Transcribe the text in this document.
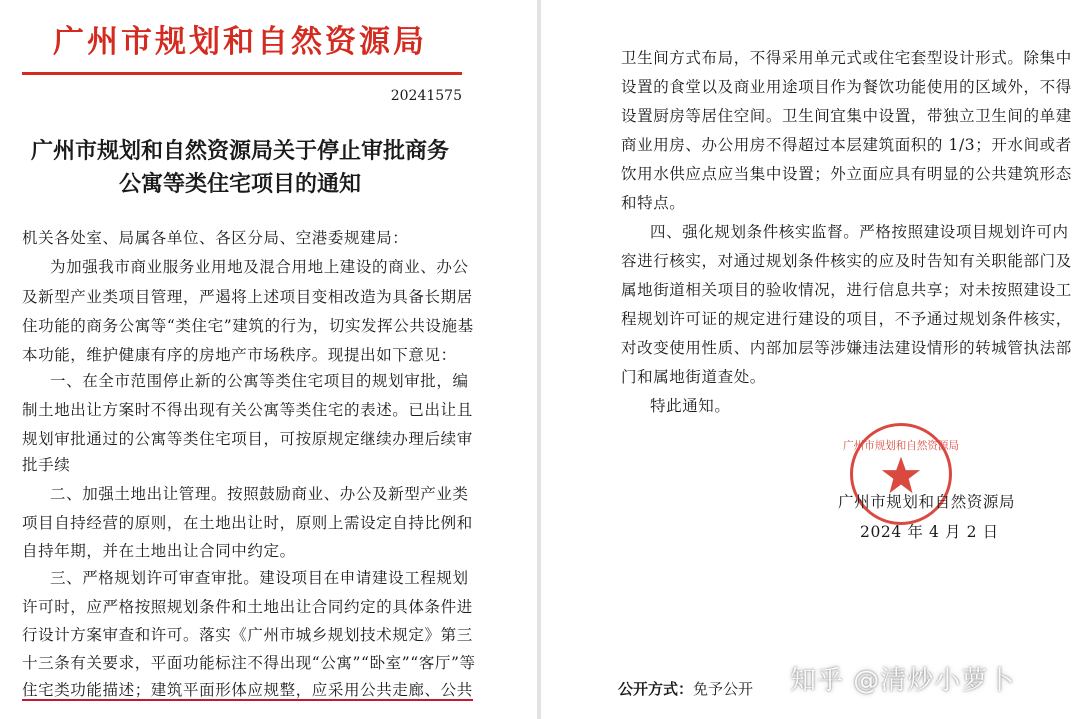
广州市规划和自然资源局
20241575
广州市规划和自然资源局关于停止审批商务
公寓等类住宅项目的通知
机关各处室、局属各单位、各区分局、空港委规建局：
为加强我市商业服务业用地及混合用地上建设的商业、办公
及新型产业类项目管理，严遏将上述项目变相改造为具备长期居
住功能的商务公寓等“类住宅”建筑的行为，切实发挥公共设施基
本功能，维护健康有序的房地产市场秩序。现提出如下意见：
一、在全市范围停止新的公寓等类住宅项目的规划审批，编
制土地出让方案时不得出现有关公寓等类住宅的表述。已出让且
规划审批通过的公寓等类住宅项目，可按原规定继续办理后续审
批手续
二、加强土地出让管理。按照鼓励商业、办公及新型产业类
项目自持经营的原则，在土地出让时，原则上需设定自持比例和
自持年期，并在土地出让合同中约定。
三、严格规划许可审查审批。建设项目在申请建设工程规划
许可时，应严格按照规划条件和土地出让合同约定的具体条件进
行设计方案审查和许可。落实《广州市城乡规划技术规定》第三
十三条有关要求，平面功能标注不得出现“公寓”“卧室”“客厅”等
住宅类功能描述；建筑平面形体应规整，应采用公共走廊、公共
卫生间方式布局，不得采用单元式或住宅套型设计形式。除集中
设置的食堂以及商业用途项目作为餐饮功能使用的区域外，不得
设置厨房等居住空间。卫生间宜集中设置，带独立卫生间的单建
商业用房、办公用房不得超过本层建筑面积的 1/3；开水间或者
饮用水供应点应当集中设置；外立面应具有明显的公共建筑形态
和特点。
四、强化规划条件核实监督。严格按照建设项目规划许可内
容进行核实，对通过规划条件核实的应及时告知有关职能部门及
属地街道相关项目的验收情况，进行信息共享；对未按照建设工
程规划许可证的规定进行建设的项目，不予通过规划条件核实，
对改变使用性质、内部加层等涉嫌违法建设情形的转城管执法部
门和属地街道查处。
特此通知。
广州市规划和自然资源局
广州市规划和自然资源局
2024 年 4 月 2 日
公开方式：免予公开 知乎 @清炒小萝卜
